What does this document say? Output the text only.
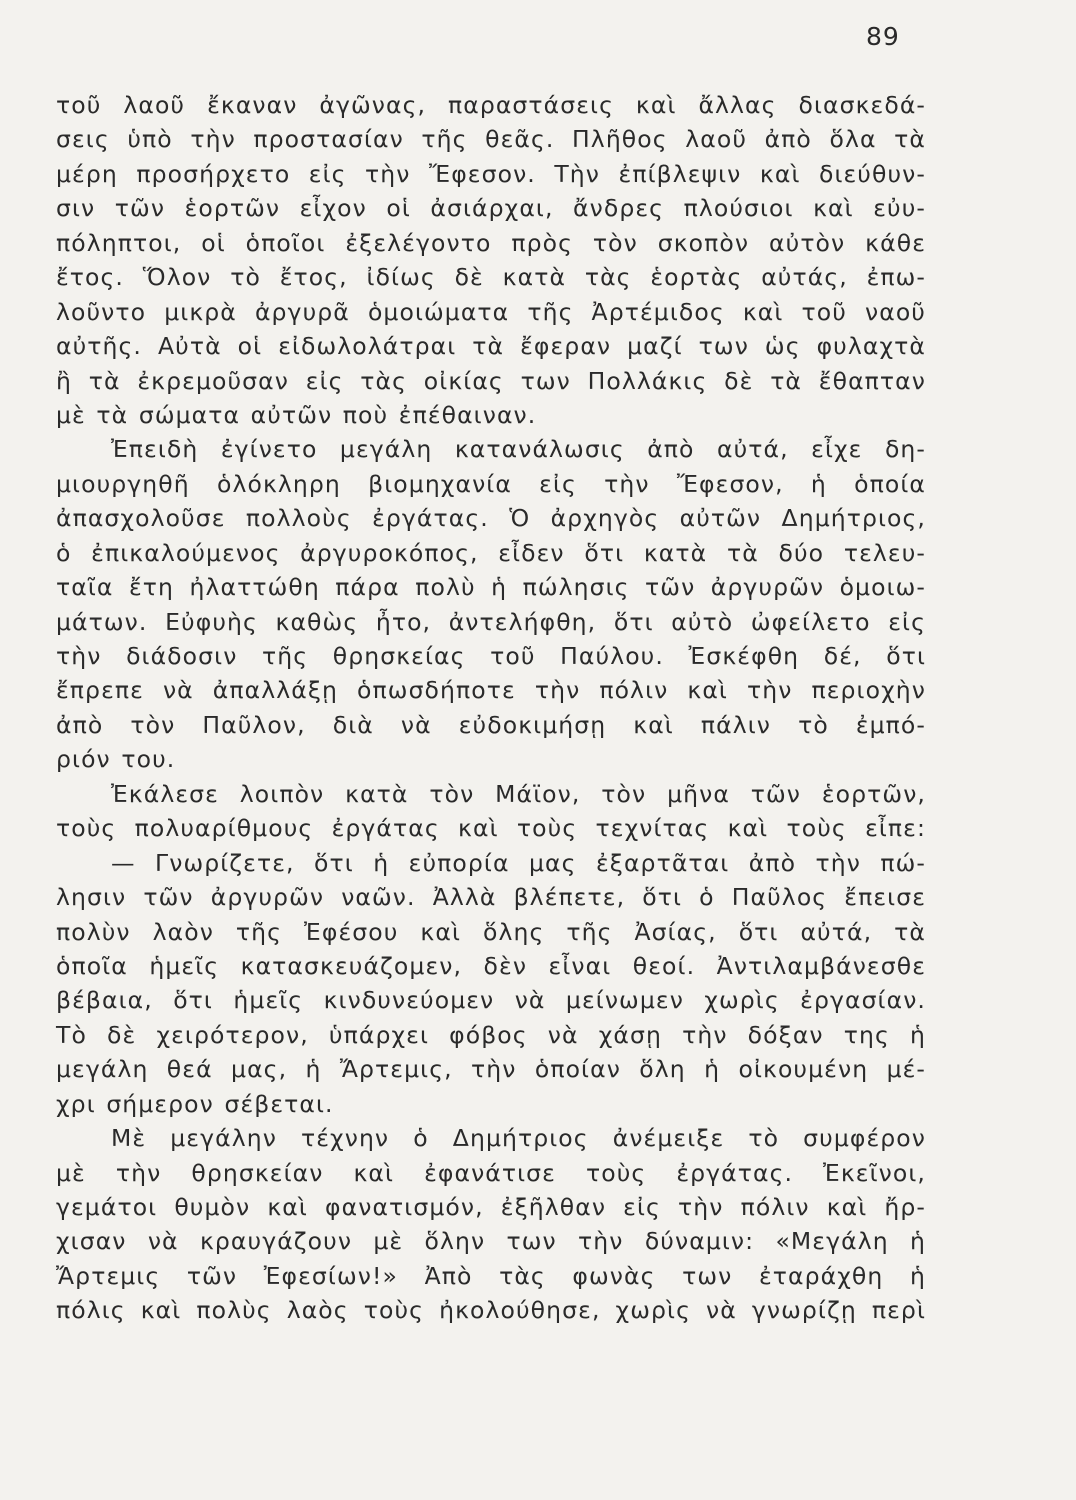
89
τοῦ λαοῦ ἔκαναν ἀγῶνας, παραστάσεις καὶ ἄλλας διασκεδά-
σεις ὑπὸ τὴν προστασίαν τῆς θεᾶς. Πλῆθος λαοῦ ἀπὸ ὅλα τὰ
μέρη προσήρχετο εἰς τὴν Ἔφεσον. Τὴν ἐπίβλεψιν καὶ διεύθυν-
σιν τῶν ἑορτῶν εἶχον οἱ ἀσιάρχαι, ἄνδρες πλούσιοι καὶ εὐυ-
πόληπτοι, οἱ ὁποῖοι ἐξελέγοντο πρὸς τὸν σκοπὸν αὐτὸν κάθε
ἔτος. Ὅλον τὸ ἔτος, ἰδίως δὲ κατὰ τὰς ἑορτὰς αὐτάς, ἐπω-
λοῦντο μικρὰ ἀργυρᾶ ὁμοιώματα τῆς Ἀρτέμιδος καὶ τοῦ ναοῦ
αὐτῆς. Αὐτὰ οἱ εἰδωλολάτραι τὰ ἔφεραν μαζί των ὡς φυλαχτὰ
ἢ τὰ ἐκρεμοῦσαν εἰς τὰς οἰκίας των Πολλάκις δὲ τὰ ἔθαπταν
μὲ τὰ σώματα αὐτῶν ποὺ ἐπέθαιναν.
Ἐπειδὴ ἐγίνετο μεγάλη κατανάλωσις ἀπὸ αὐτά, εἶχε δη-
μιουργηθῆ ὁλόκληρη βιομηχανία εἰς τὴν Ἔφεσον, ἡ ὁποία
ἀπασχολοῦσε πολλοὺς ἐργάτας. Ὁ ἀρχηγὸς αὐτῶν Δημήτριος,
ὁ ἐπικαλούμενος ἀργυροκόπος, εἶδεν ὅτι κατὰ τὰ δύο τελευ-
ταῖα ἔτη ἠλαττώθη πάρα πολὺ ἡ πώλησις τῶν ἀργυρῶν ὁμοιω-
μάτων. Εὐφυὴς καθὼς ἦτο, ἀντελήφθη, ὅτι αὐτὸ ὠφείλετο εἰς
τὴν διάδοσιν τῆς θρησκείας τοῦ Παύλου. Ἐσκέφθη δέ, ὅτι
ἔπρεπε νὰ ἀπαλλάξῃ ὁπωσδήποτε τὴν πόλιν καὶ τὴν περιοχὴν
ἀπὸ τὸν Παῦλον, διὰ νὰ εὐδοκιμήσῃ καὶ πάλιν τὸ ἐμπό-
ριόν του.
Ἐκάλεσε λοιπὸν κατὰ τὸν Μάϊον, τὸν μῆνα τῶν ἑορτῶν,
τοὺς πολυαρίθμους ἐργάτας καὶ τοὺς τεχνίτας καὶ τοὺς εἶπε:
— Γνωρίζετε, ὅτι ἡ εὐπορία μας ἐξαρτᾶται ἀπὸ τὴν πώ-
λησιν τῶν ἀργυρῶν ναῶν. Ἀλλὰ βλέπετε, ὅτι ὁ Παῦλος ἔπεισε
πολὺν λαὸν τῆς Ἐφέσου καὶ ὅλης τῆς Ἀσίας, ὅτι αὐτά, τὰ
ὁποῖα ἡμεῖς κατασκευάζομεν, δὲν εἶναι θεοί. Ἀντιλαμβάνεσθε
βέβαια, ὅτι ἡμεῖς κινδυνεύομεν νὰ μείνωμεν χωρὶς ἐργασίαν.
Τὸ δὲ χειρότερον, ὑπάρχει φόβος νὰ χάσῃ τὴν δόξαν της ἡ
μεγάλη θεά μας, ἡ Ἄρτεμις, τὴν ὁποίαν ὅλη ἡ οἰκουμένη μέ-
χρι σήμερον σέβεται.
Μὲ μεγάλην τέχνην ὁ Δημήτριος ἀνέμειξε τὸ συμφέρον
μὲ τὴν θρησκείαν καὶ ἐφανάτισε τοὺς ἐργάτας. Ἐκεῖνοι,
γεμάτοι θυμὸν καὶ φανατισμόν, ἐξῆλθαν εἰς τὴν πόλιν καὶ ἤρ-
χισαν νὰ κραυγάζουν μὲ ὅλην των τὴν δύναμιν: «Μεγάλη ἡ
Ἄρτεμις τῶν Ἐφεσίων!» Ἀπὸ τὰς φωνὰς των ἐταράχθη ἡ
πόλις καὶ πολὺς λαὸς τοὺς ἠκολούθησε, χωρὶς νὰ γνωρίζῃ περὶ
